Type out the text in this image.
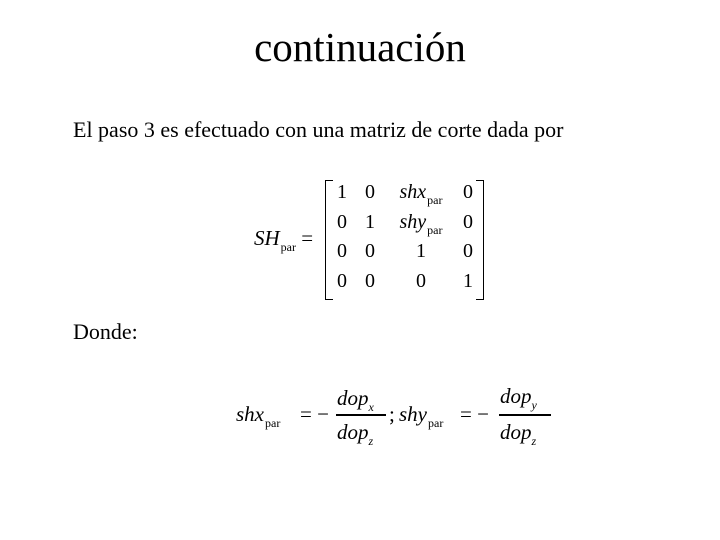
continuación
El paso 3 es efectuado con una matriz de corte dada por
$SH_{par}$ =
1 0 shx$_{par}$ 0
0 1 shy$_{par}$ 0
0 0 1 0
0 0 0 1
Donde:
shx$_{par}$ = −
dop$_x$
dop$_z$
; shy$_{par}$ = −
dop$_y$
dop$_z$
